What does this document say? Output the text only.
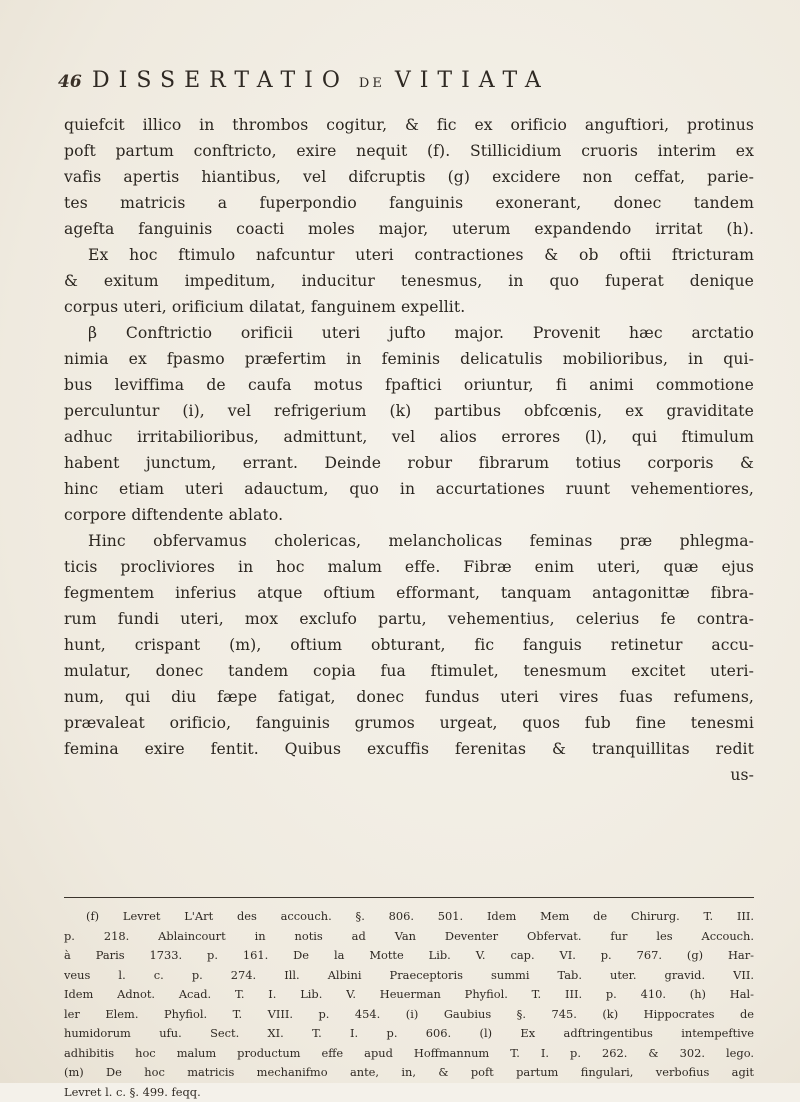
46 DISSERTATIO DE VITIATA
quiefcit illico in thrombos cogitur, & fic ex orificio anguftiori, protinus
poft partum conftricto, exire nequit (f). Stillicidium cruoris interim ex
vafis apertis hiantibus, vel difcruptis (g) excidere non ceffat, parie-
tes matricis a fuperpondio fanguinis exonerant, donec tandem
agefta fanguinis coacti moles major, uterum expandendo irritat (h).
Ex hoc ftimulo nafcuntur uteri contractiones & ob oftii ftricturam
& exitum impeditum, inducitur tenesmus, in quo fuperat denique
corpus uteri, orificium dilatat, fanguinem expellit.
β Conftrictio orificii uteri jufto major. Provenit hæc arctatio
nimia ex fpasmo præfertim in feminis delicatulis mobilioribus, in qui-
bus leviffima de caufa motus fpaftici oriuntur, fi animi commotione
perculuntur (i), vel refrigerium (k) partibus obfcœnis, ex graviditate
adhuc irritabilioribus, admittunt, vel alios errores (l), qui ftimulum
habent junctum, errant. Deinde robur fibrarum totius corporis &
hinc etiam uteri adauctum, quo in accurtationes ruunt vehementiores,
corpore diftendente ablato.
Hinc obfervamus cholericas, melancholicas feminas præ phlegma-
ticis procliviores in hoc malum effe. Fibræ enim uteri, quæ ejus
fegmentem inferius atque oftium efformant, tanquam antagonittæ fibra-
rum fundi uteri, mox exclufo partu, vehementius, celerius fe contra-
hunt, crispant (m), oftium obturant, fic fanguis retinetur accu-
mulatur, donec tandem copia fua ftimulet, tenesmum excitet uteri-
num, qui diu fæpe fatigat, donec fundus uteri vires fuas refumens,
prævaleat orificio, fanguinis grumos urgeat, quos fub fine tenesmi
femina exire fentit. Quibus excuffis ferenitas & tranquillitas redit
us-
(f) Levret L'Art des accouch. §. 806. 501. Idem Mem de Chirurg. T. III.
p. 218. Ablaincourt in notis ad Van Deventer Obfervat. fur les Accouch.
à Paris 1733. p. 161. De la Motte Lib. V. cap. VI. p. 767. (g) Har-
veus l. c. p. 274. Ill. Albini Praeceptoris summi Tab. uter. gravid. VII.
Idem Adnot. Acad. T. I. Lib. V. Heuerman Phyfiol. T. III. p. 410. (h) Hal-
ler Elem. Phyfiol. T. VIII. p. 454. (i) Gaubius §. 745. (k) Hippocrates de
humidorum ufu. Sect. XI. T. I. p. 606. (l) Ex adftringentibus intempeftive
adhibitis hoc malum productum effe apud Hoffmannum T. I. p. 262. & 302. lego.
(m) De hoc matricis mechanifmo ante, in, & poft partum fingulari, verbofius agit
Levret l. c. §. 499. feqq.
